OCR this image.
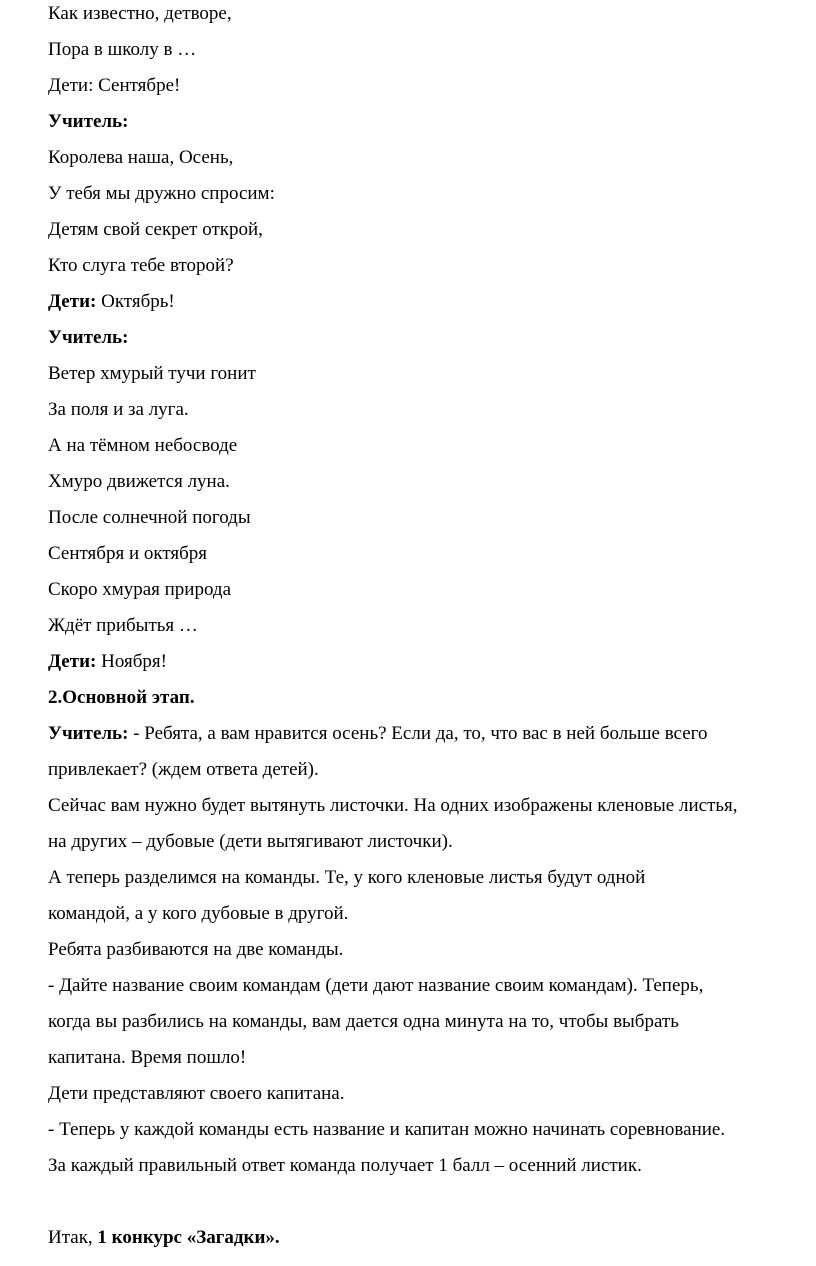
Как известно, детворе,

Пора в школу в …

Дети: Сентябре!

Учитель:

Королева наша, Осень,

У тебя мы дружно спросим:

Детям свой секрет открой,

Кто слуга тебе второй?

Дети: Октябрь!

Учитель:

Ветер хмурый тучи гонит

За поля и за луга.

А на тёмном небосводе

Хмуро движется луна.

После солнечной погоды

Сентября и октября

Скоро хмурая природа

Ждёт прибытья …

Дети: Ноября!

2.Основной этап.

Учитель: - Ребята, а вам нравится осень? Если да, то, что вас в ней больше всего

привлекает? (ждем ответа детей).

Сейчас вам нужно будет вытянуть листочки. На одних изображены кленовые листья,

на других – дубовые (дети вытягивают листочки).

А теперь разделимся на команды. Те, у кого кленовые листья будут одной

командой, а у кого дубовые в другой.

Ребята разбиваются на две команды.

- Дайте название своим командам (дети дают название своим командам). Теперь,

когда вы разбились на команды, вам дается одна минута на то, чтобы выбрать

капитана. Время пошло!

Дети представляют своего капитана.

- Теперь у каждой команды есть название и капитан можно начинать соревнование.

За каждый правильный ответ команда получает 1 балл – осенний листик.

Итак, 1 конкурс «Загадки».
